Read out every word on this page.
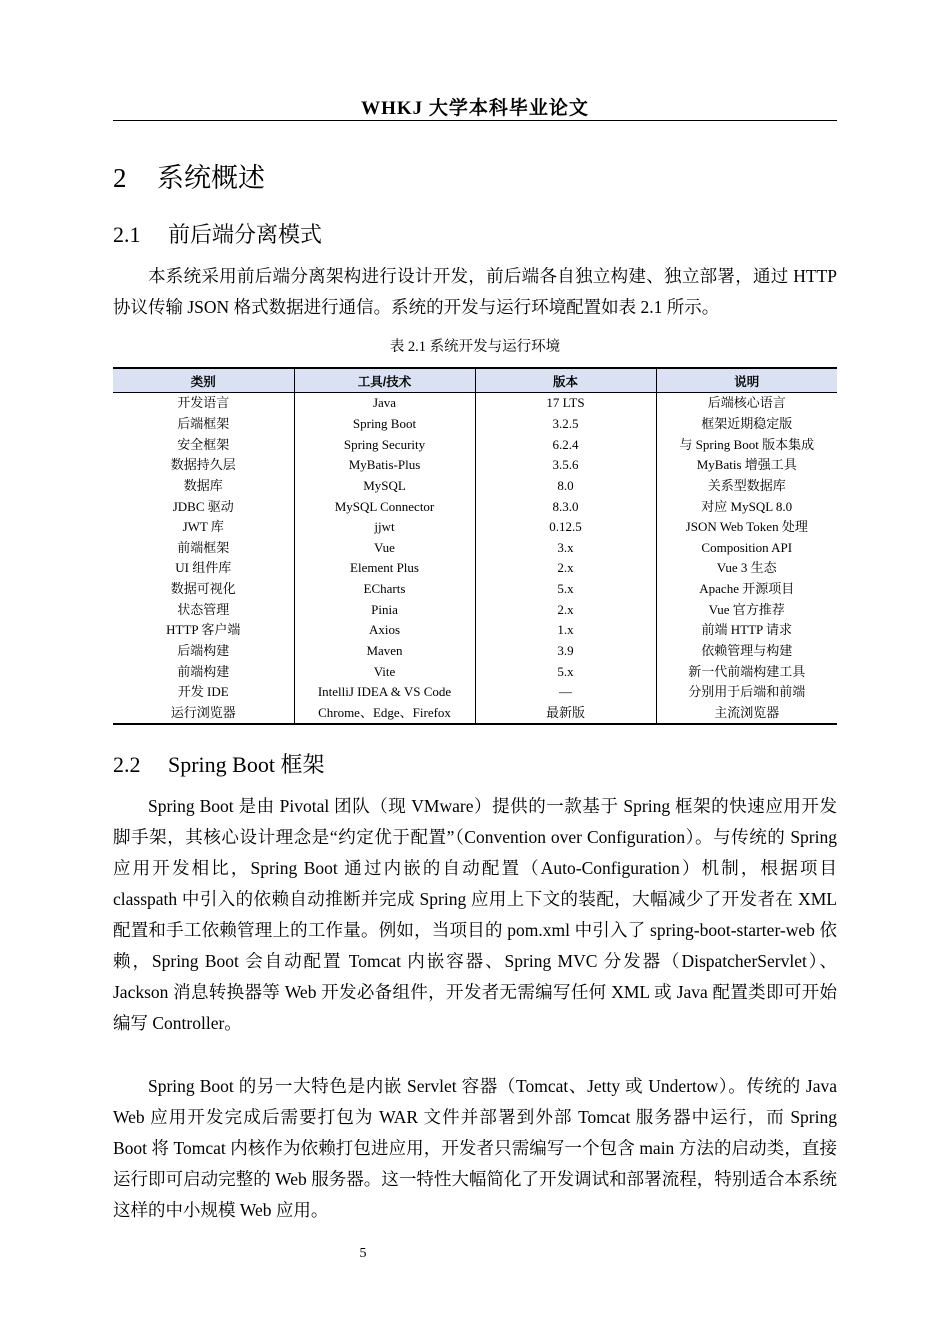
WHKJ 大学本科毕业论文
2 系统概述
2.1 前后端分离模式

本系统采用前后端分离架构进行设计开发，前后端各自独立构建、独立部署，通过 HTTP 协议传输 JSON 格式数据进行通信。系统的开发与运行环境配置如表 2.1 所示。

表 2.1 系统开发与运行环境
类别	工具/技术	版本	说明
开发语言	Java	17 LTS	后端核心语言
后端框架	Spring Boot	3.2.5	框架近期稳定版
安全框架	Spring Security	6.2.4	与 Spring Boot 版本集成
数据持久层	MyBatis-Plus	3.5.6	MyBatis 增强工具
数据库	MySQL	8.0	关系型数据库
JDBC 驱动	MySQL Connector	8.3.0	对应 MySQL 8.0
JWT 库	jjwt	0.12.5	JSON Web Token 处理
前端框架	Vue	3.x	Composition API
UI 组件库	Element Plus	2.x	Vue 3 生态
数据可视化	ECharts	5.x	Apache 开源项目
状态管理	Pinia	2.x	Vue 官方推荐
HTTP 客户端	Axios	1.x	前端 HTTP 请求
后端构建	Maven	3.9	依赖管理与构建
前端构建	Vite	5.x	新一代前端构建工具
开发 IDE	IntelliJ IDEA & VS Code	—	分别用于后端和前端
运行浏览器	Chrome、Edge、Firefox	最新版	主流浏览器
2.2 Spring Boot 框架

Spring Boot 是由 Pivotal 团队（现 VMware）提供的一款基于 Spring 框架的快速应用开发脚手架，其核心设计理念是“约定优于配置”（Convention over Configuration）。与传统的 Spring 应用开发相比，Spring Boot 通过内嵌的自动配置（Auto-Configuration）机制，根据项目 classpath 中引入的依赖自动推断并完成 Spring 应用上下文的装配，大幅减少了开发者在 XML 配置和手工依赖管理上的工作量。例如，当项目的 pom.xml 中引入了 spring-boot-starter-web 依赖，Spring Boot 会自动配置 Tomcat 内嵌容器、Spring MVC 分发器（DispatcherServlet）、Jackson 消息转换器等 Web 开发必备组件，开发者无需编写任何 XML 或 Java 配置类即可开始编写 Controller。

Spring Boot 的另一大特色是内嵌 Servlet 容器（Tomcat、Jetty 或 Undertow）。传统的 Java Web 应用开发完成后需要打包为 WAR 文件并部署到外部 Tomcat 服务器中运行，而 Spring Boot 将 Tomcat 内核作为依赖打包进应用，开发者只需编写一个包含 main 方法的启动类，直接运行即可启动完整的 Web 服务器。这一特性大幅简化了开发调试和部署流程，特别适合本系统这样的中小规模 Web 应用。

5
